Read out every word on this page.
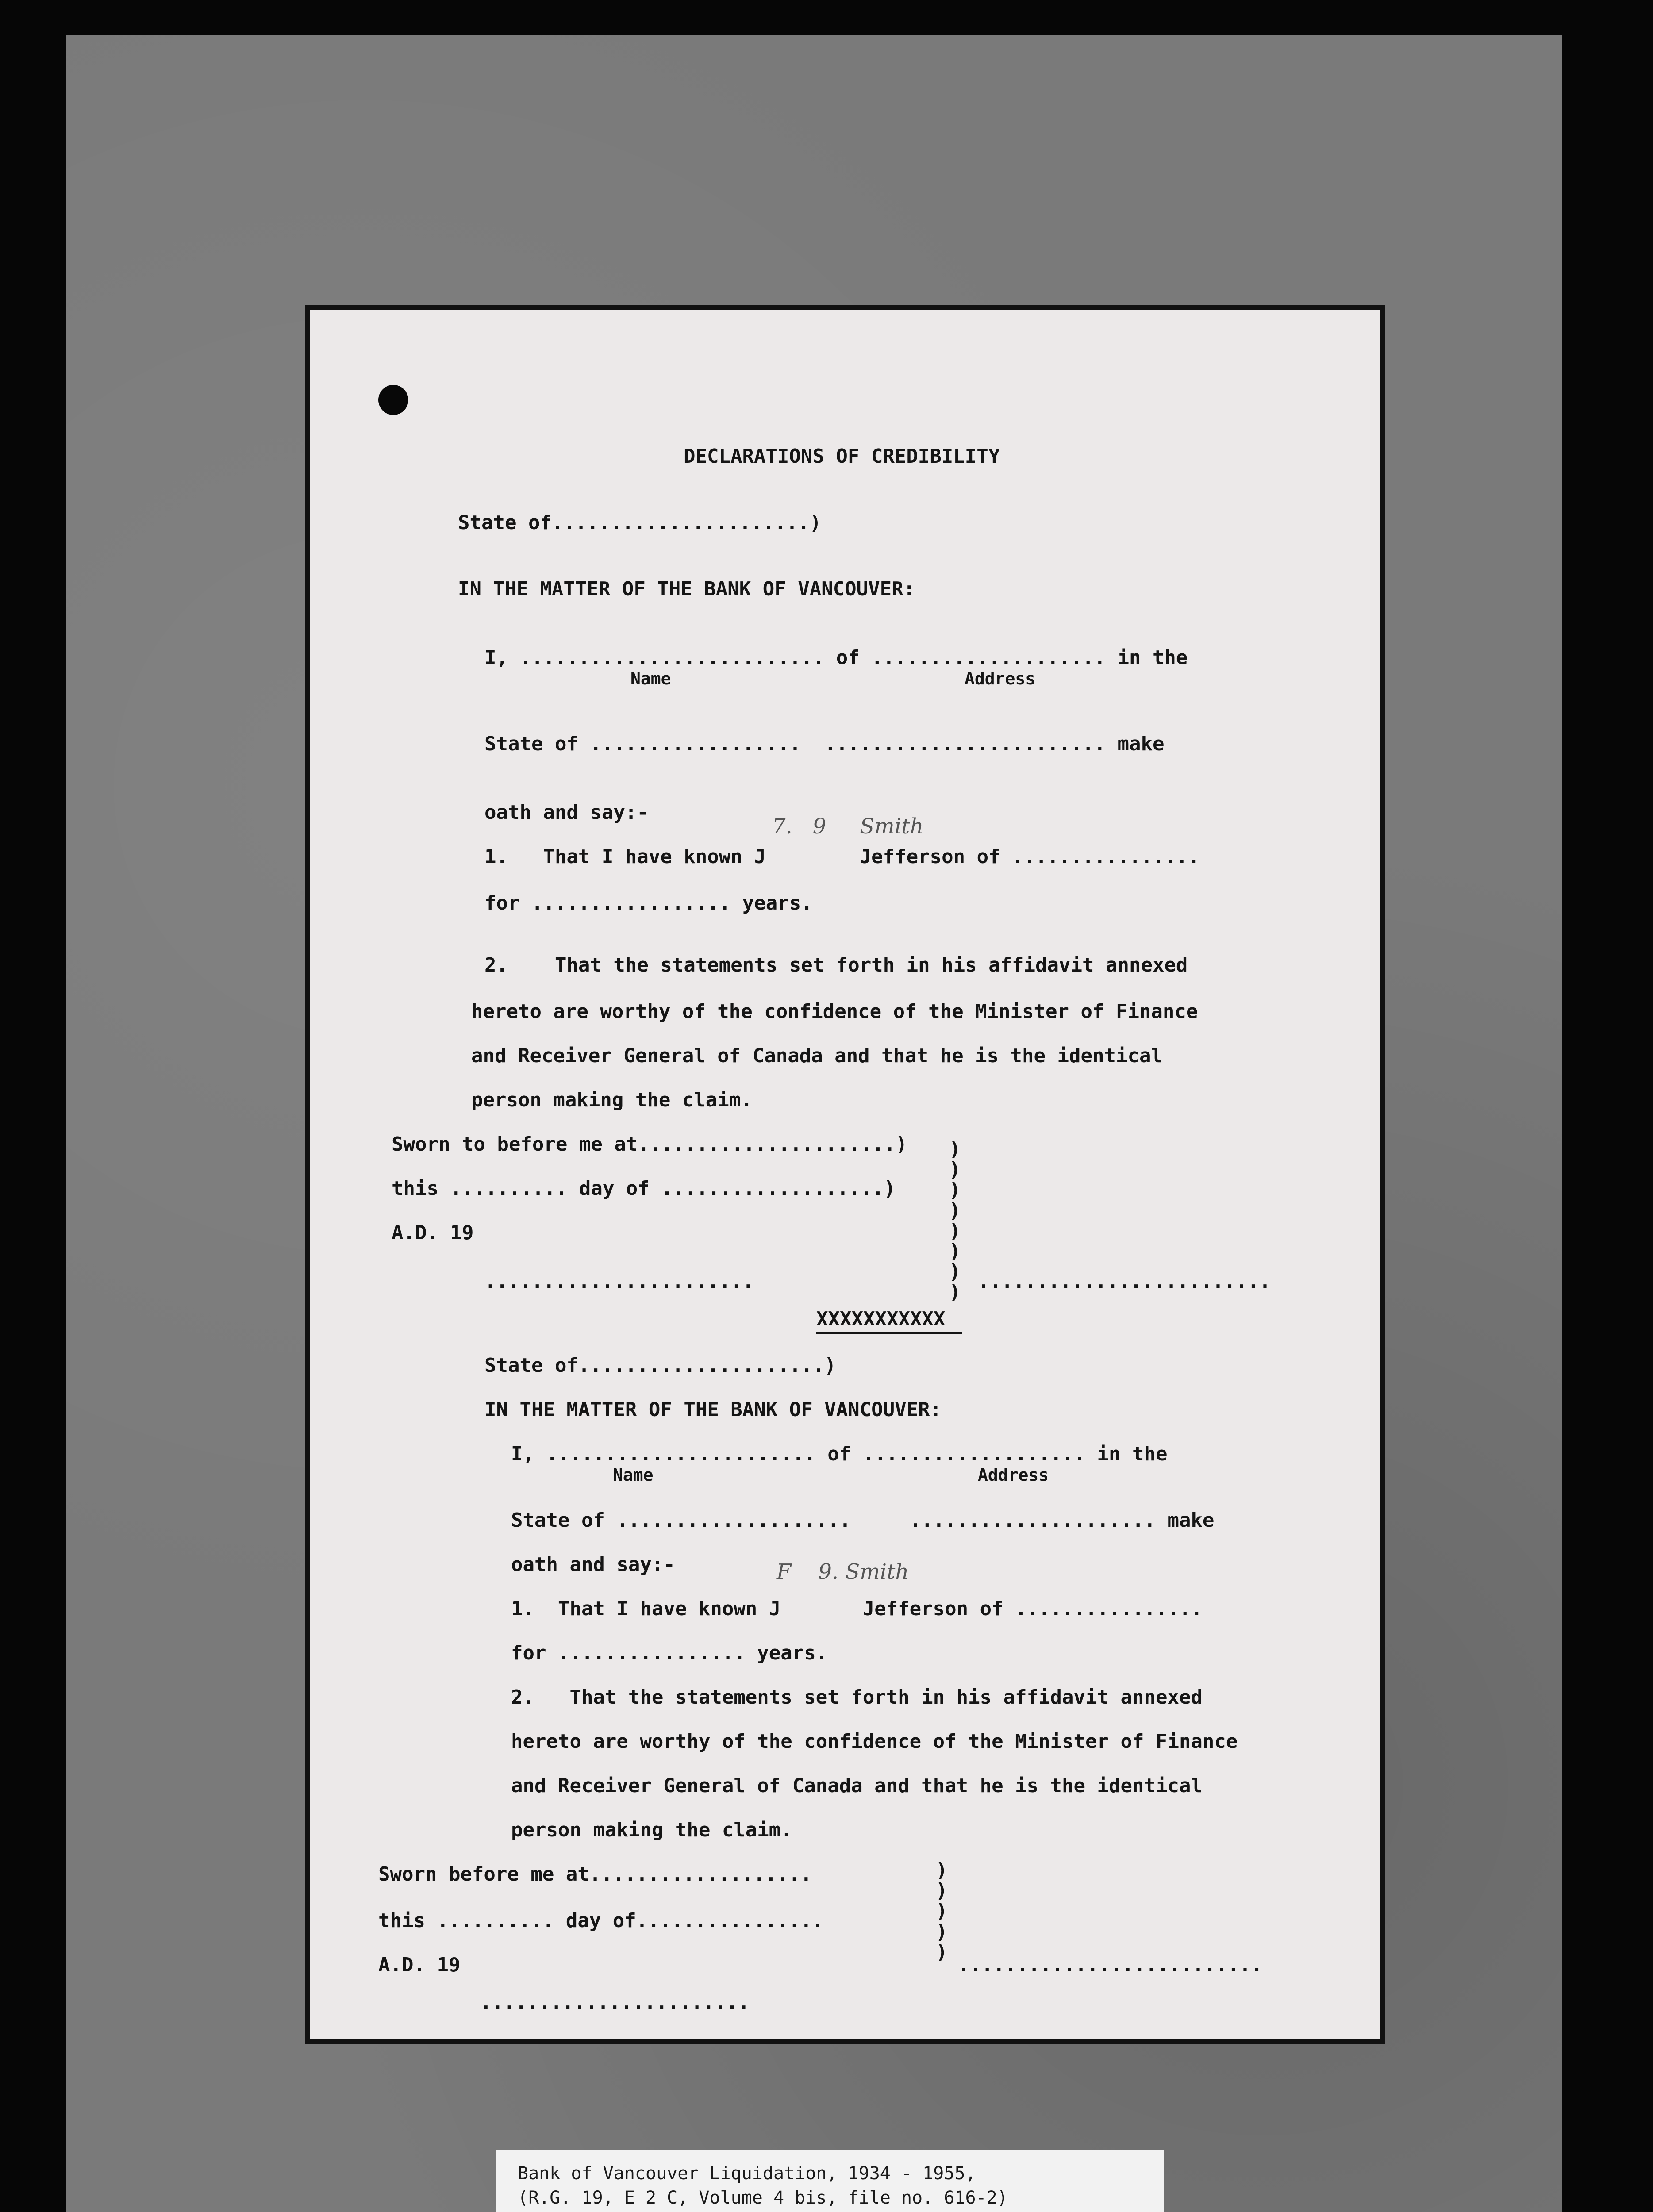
DECLARATIONS OF CREDIBILITY
State of......................)
IN THE MATTER OF THE BANK OF VANCOUVER:
I, .......................... of .................... in the
Name	Address
State of ..................  ........................ make
oath and say:-
7.   9     Smith
1.   That I have known J        Jefferson of ................
for ................. years.
2.    That the statements set forth in his affidavit annexed
hereto are worthy of the confidence of the Minister of Finance
and Receiver General of Canada and that he is the identical
person making the claim.
Sworn to before me at......................)
this .......... day of ...................)
A.D. 19
)
)
)
)
)
)
)
)
.......................	.........................
XXXXXXXXXXX
State of.....................)
IN THE MATTER OF THE BANK OF VANCOUVER:
I, ....................... of ................... in the
Name	Address
State of ....................     ..................... make
oath and say:-	F    9. Smith
1.  That I have known J       Jefferson of ................
for ................ years.
2.   That the statements set forth in his affidavit annexed
hereto are worthy of the confidence of the Minister of Finance
and Receiver General of Canada and that he is the identical
person making the claim.
Sworn before me at...................
this .......... day of................
A.D. 19
)
)
)
)
)
..........................
.......................
Bank of Vancouver Liquidation, 1934 - 1955,
(R.G. 19, E 2 C, Volume 4 bis, file no. 616-2)
